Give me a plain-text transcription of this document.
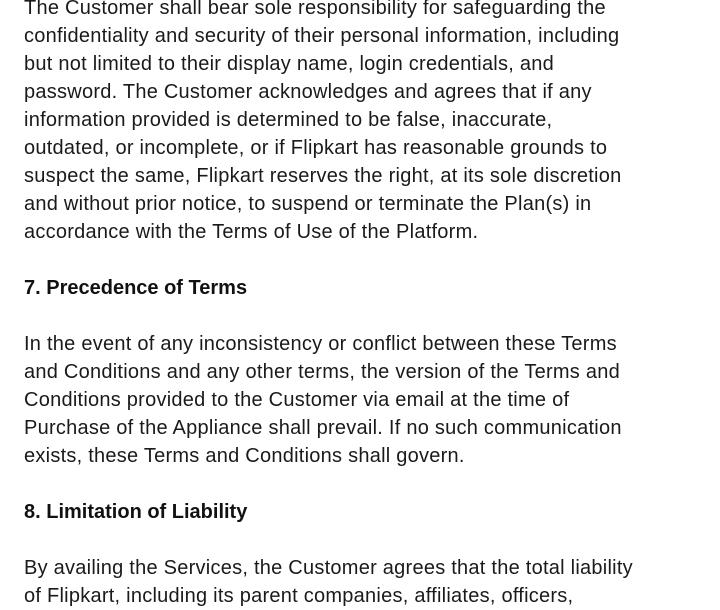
The Customer shall bear sole responsibility for safeguarding the
confidentiality and security of their personal information, including
but not limited to their display name, login credentials, and
password. The Customer acknowledges and agrees that if any
information provided is determined to be false, inaccurate,
outdated, or incomplete, or if Flipkart has reasonable grounds to
suspect the same, Flipkart reserves the right, at its sole discretion
and without prior notice, to suspend or terminate the Plan(s) in
accordance with the Terms of Use of the Platform.

7. Precedence of Terms

In the event of any inconsistency or conflict between these Terms
and Conditions and any other terms, the version of the Terms and
Conditions provided to the Customer via email at the time of
Purchase of the Appliance shall prevail. If no such communication
exists, these Terms and Conditions shall govern.

8. Limitation of Liability

By availing the Services, the Customer agrees that the total liability
of Flipkart, including its parent companies, affiliates, officers,
